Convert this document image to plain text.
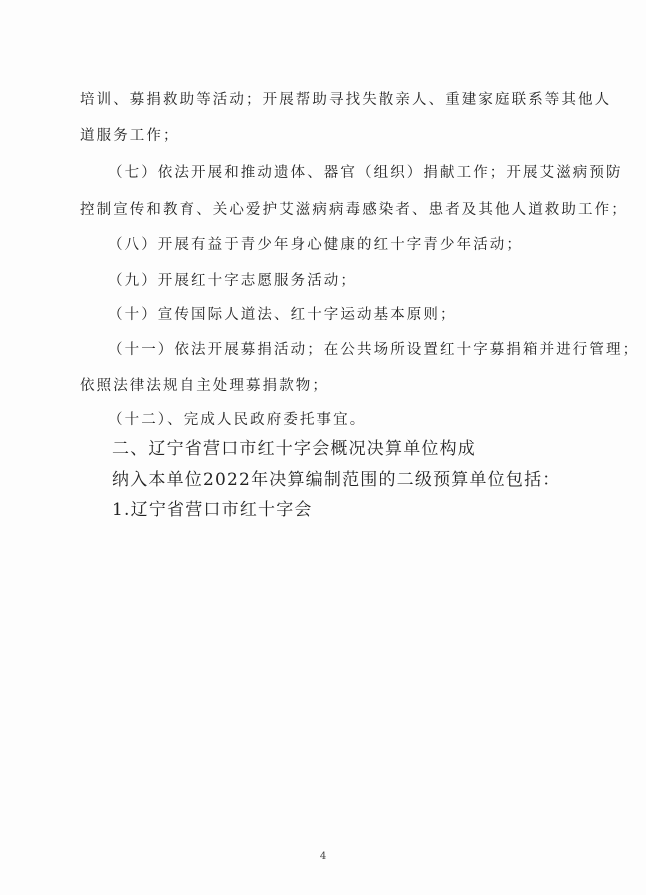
培训、募捐救助等活动；开展帮助寻找失散亲人、重建家庭联系等其他人
道服务工作；
（七）依法开展和推动遗体、器官（组织）捐献工作；开展艾滋病预防
控制宣传和教育、关心爱护艾滋病病毒感染者、患者及其他人道救助工作；
（八）开展有益于青少年身心健康的红十字青少年活动；
（九）开展红十字志愿服务活动；
（十）宣传国际人道法、红十字运动基本原则；
（十一）依法开展募捐活动；在公共场所设置红十字募捐箱并进行管理；
依照法律法规自主处理募捐款物；
（十二）、完成人民政府委托事宜。
二、辽宁省营口市红十字会概况决算单位构成
纳入本单位2022年决算编制范围的二级预算单位包括：
1.辽宁省营口市红十字会
4
